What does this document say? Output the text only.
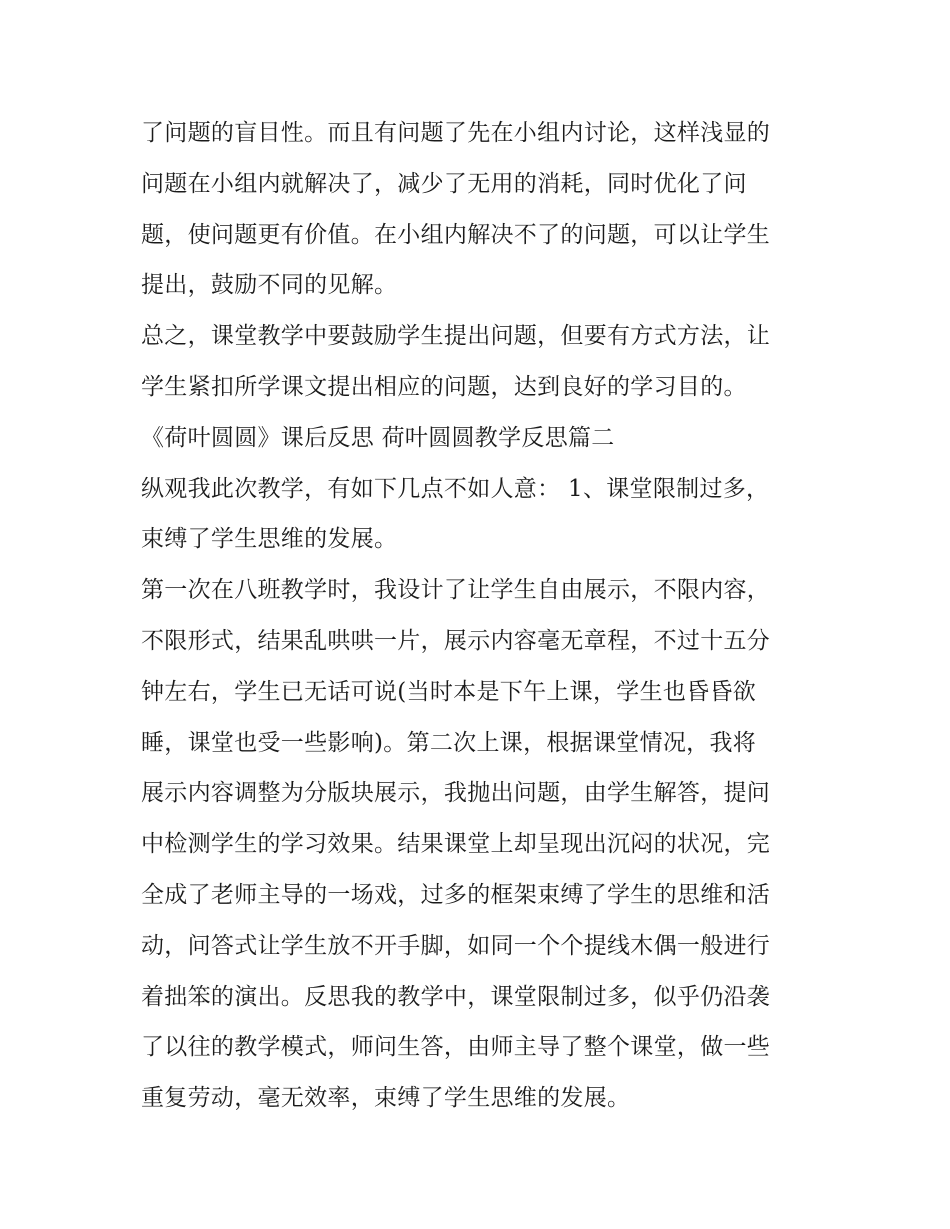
了问题的盲目性。而且有问题了先在小组内讨论，这样浅显的
问题在小组内就解决了，减少了无用的消耗，同时优化了问
题，使问题更有价值。在小组内解决不了的问题，可以让学生
提出，鼓励不同的见解。
总之，课堂教学中要鼓励学生提出问题，但要有方式方法，让
学生紧扣所学课文提出相应的问题，达到良好的学习目的。
《荷叶圆圆》课后反思 荷叶圆圆教学反思篇二
纵观我此次教学，有如下几点不如人意： 1、课堂限制过多，
束缚了学生思维的发展。
第一次在八班教学时，我设计了让学生自由展示，不限内容，
不限形式，结果乱哄哄一片，展示内容毫无章程，不过十五分
钟左右，学生已无话可说(当时本是下午上课，学生也昏昏欲
睡，课堂也受一些影响)。第二次上课，根据课堂情况，我将
展示内容调整为分版块展示，我抛出问题，由学生解答，提问
中检测学生的学习效果。结果课堂上却呈现出沉闷的状况，完
全成了老师主导的一场戏，过多的框架束缚了学生的思维和活
动，问答式让学生放不开手脚，如同一个个提线木偶一般进行
着拙笨的演出。反思我的教学中，课堂限制过多，似乎仍沿袭
了以往的教学模式，师问生答，由师主导了整个课堂，做一些
重复劳动，毫无效率，束缚了学生思维的发展。
